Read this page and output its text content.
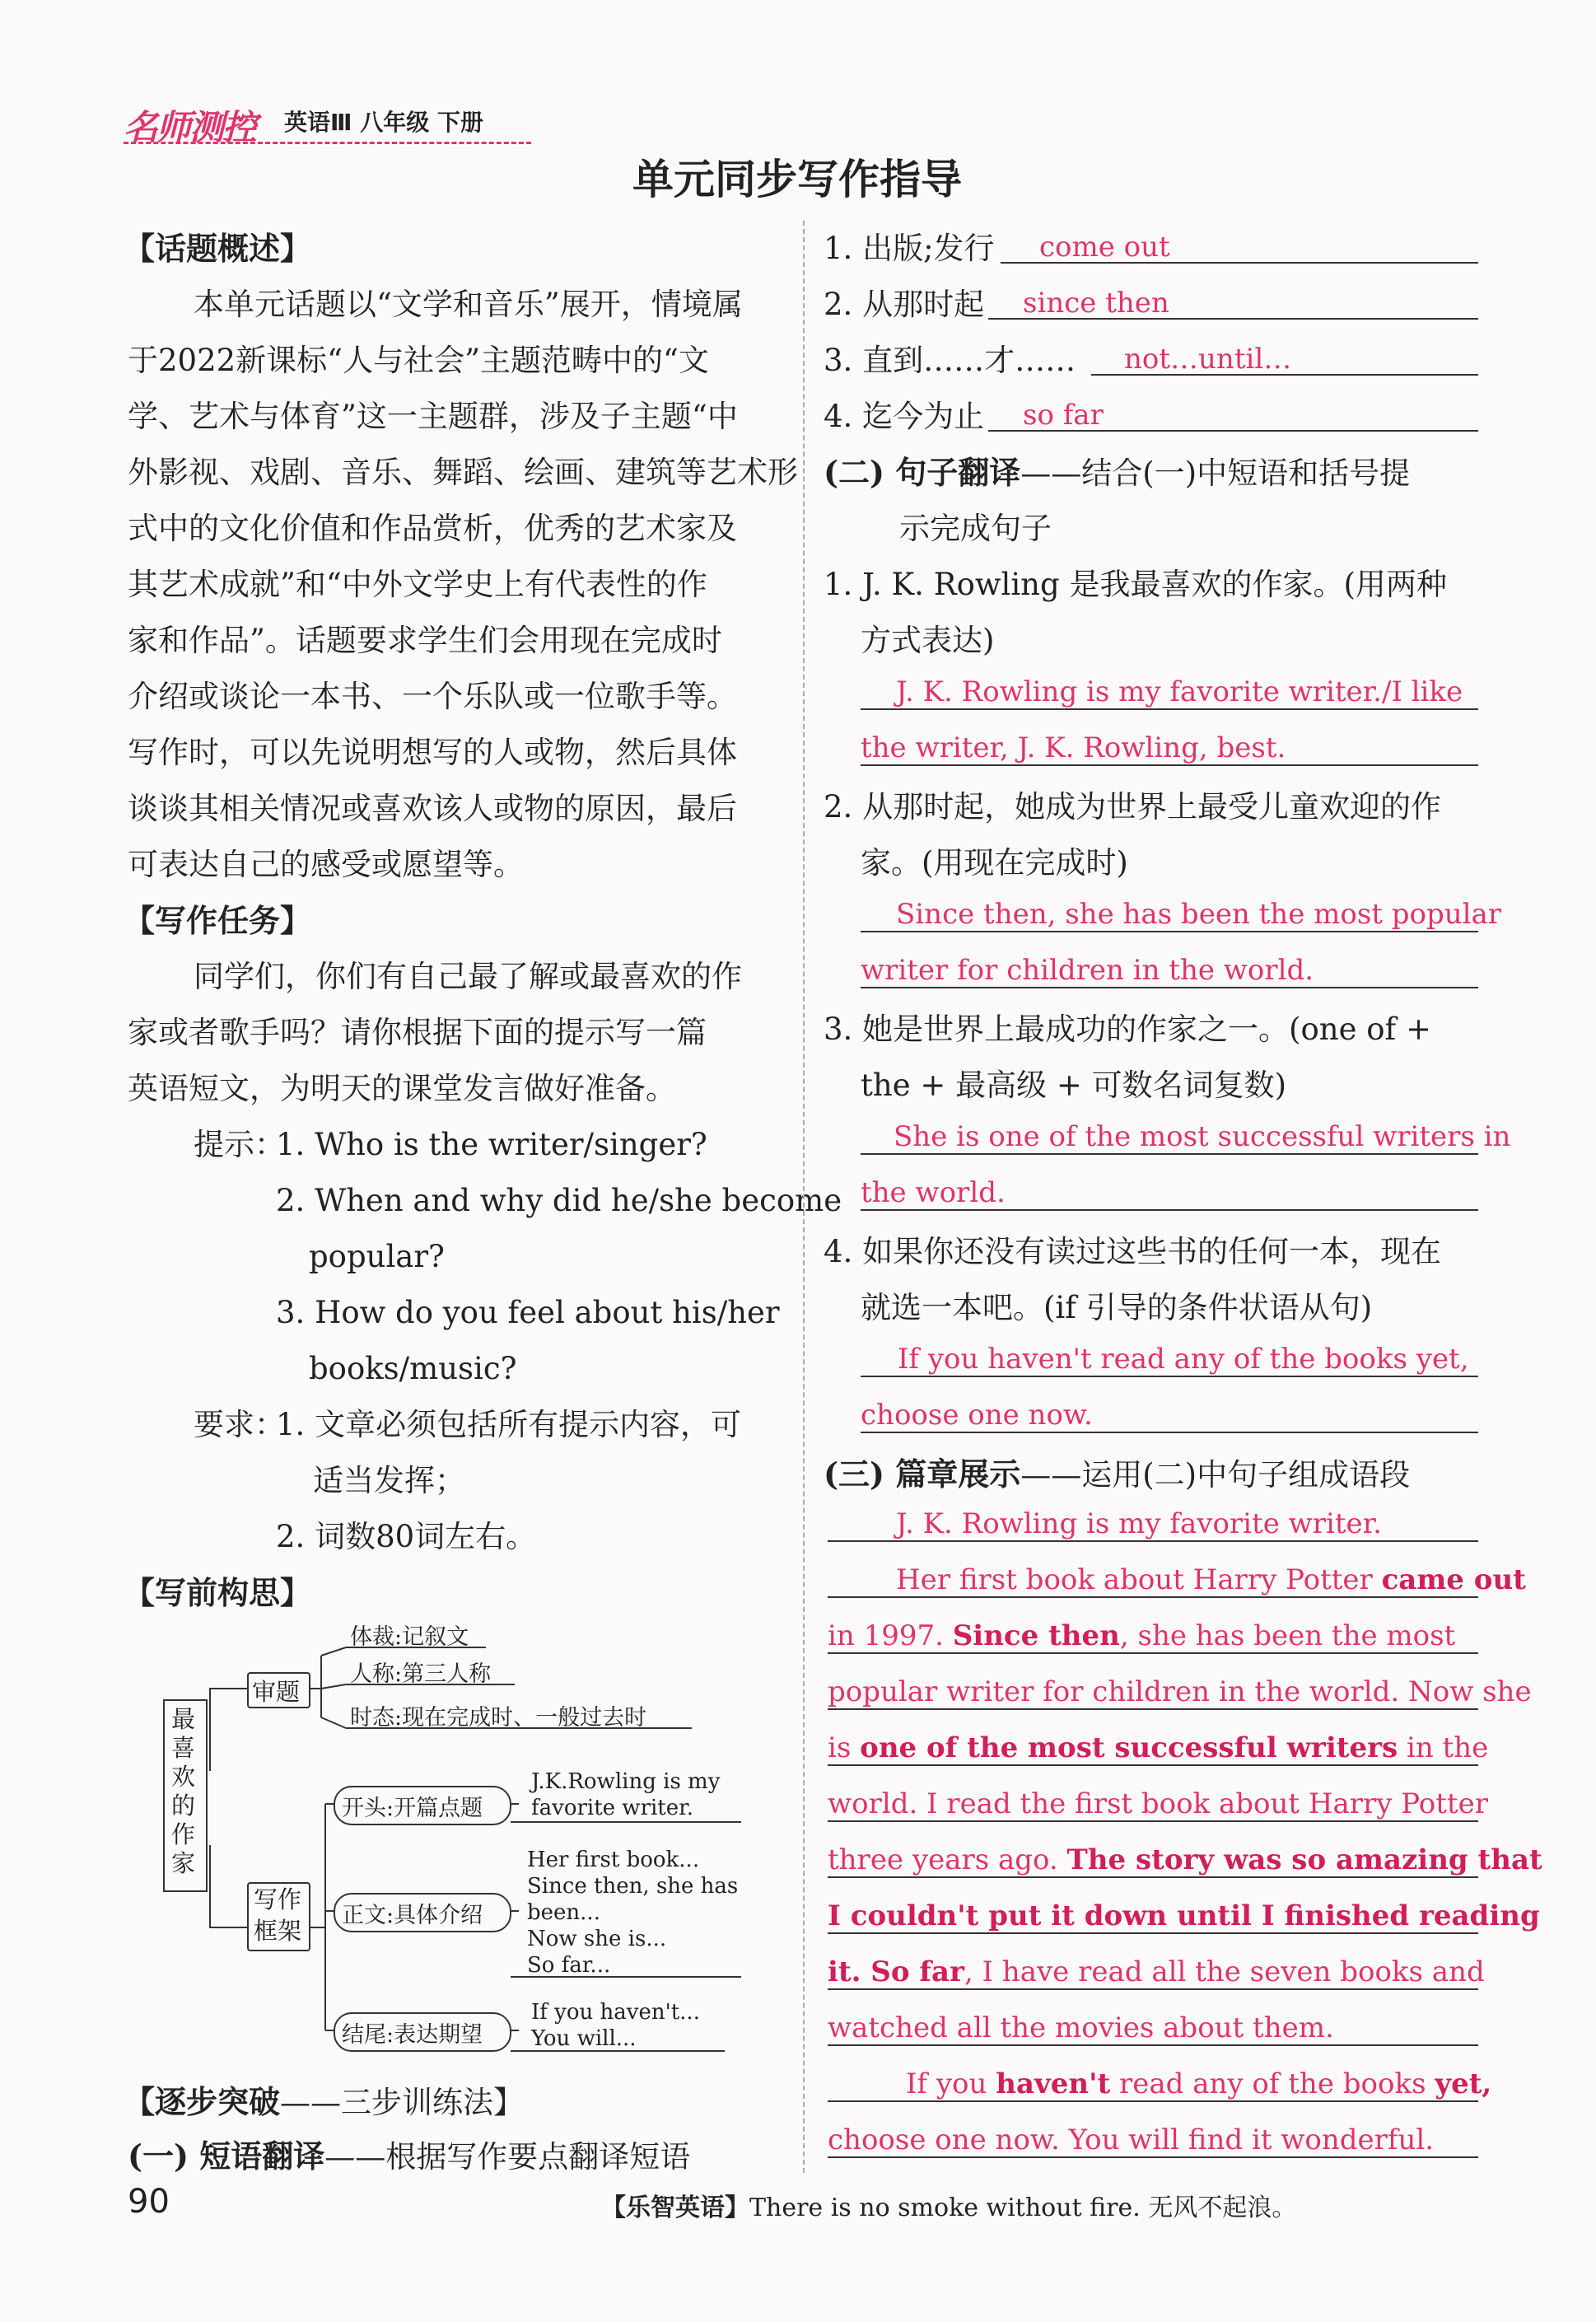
名师测控 英语Ⅲ 八年级 下册
单元同步写作指导
【话题概述】
本单元话题以“文学和音乐”展开，情境属
于2022新课标“人与社会”主题范畴中的“文
学、艺术与体育”这一主题群，涉及子主题“中
外影视、戏剧、音乐、舞蹈、绘画、建筑等艺术形
式中的文化价值和作品赏析，优秀的艺术家及
其艺术成就”和“中外文学史上有代表性的作
家和作品”。话题要求学生们会用现在完成时
介绍或谈论一本书、一个乐队或一位歌手等。
写作时，可以先说明想写的人或物，然后具体
谈谈其相关情况或喜欢该人或物的原因，最后
可表达自己的感受或愿望等。
【写作任务】
同学们，你们有自己最了解或最喜欢的作
家或者歌手吗？请你根据下面的提示写一篇
英语短文，为明天的课堂发言做好准备。
提示：
1. Who is the writer/singer?
2. When and why did he/she become
popular?
3. How do you feel about his/her
books/music?
要求：
1. 文章必须包括所有提示内容，可
适当发挥；
2. 词数80词左右。
【写前构思】
最喜欢的作家
审题
体裁:记叙文
人称:第三人称
时态:现在完成时、一般过去时
写作框架
开头:开篇点题
J.K.Rowling is my
favorite writer.
正文:具体介绍
Her first book...
Since then, she has
been...
Now she is...
So far...
结尾:表达期望
If you haven't...
You will...
【逐步突破——三步训练法】
(一) 短语翻译——根据写作要点翻译短语
1. 出版;发行 come out
2. 从那时起 since then
3. 直到……才…… not…until…
4. 迄今为止 so far
(二) 句子翻译——结合(一)中短语和括号提
示完成句子
1. J. K. Rowling 是我最喜欢的作家。(用两种
方式表达)
J. K. Rowling is my favorite writer./I like
the writer, J. K. Rowling, best.
2. 从那时起，她成为世界上最受儿童欢迎的作
家。(用现在完成时)
Since then, she has been the most popular
writer for children in the world.
3. 她是世界上最成功的作家之一。(one of +
the + 最高级 + 可数名词复数)
She is one of the most successful writers in
the world.
4. 如果你还没有读过这些书的任何一本，现在
就选一本吧。(if 引导的条件状语从句)
If you haven't read any of the books yet,
choose one now.
(三) 篇章展示——运用(二)中句子组成语段
J. K. Rowling is my favorite writer.
Her first book about Harry Potter came out
in 1997. Since then, she has been the most
popular writer for children in the world. Now she
is one of the most successful writers in the
world. I read the first book about Harry Potter
three years ago. The story was so amazing that
I couldn't put it down until I finished reading
it. So far, I have read all the seven books and
watched all the movies about them.
If you haven't read any of the books yet,
choose one now. You will find it wonderful.
90	【乐智英语】There is no smoke without fire. 无风不起浪。
